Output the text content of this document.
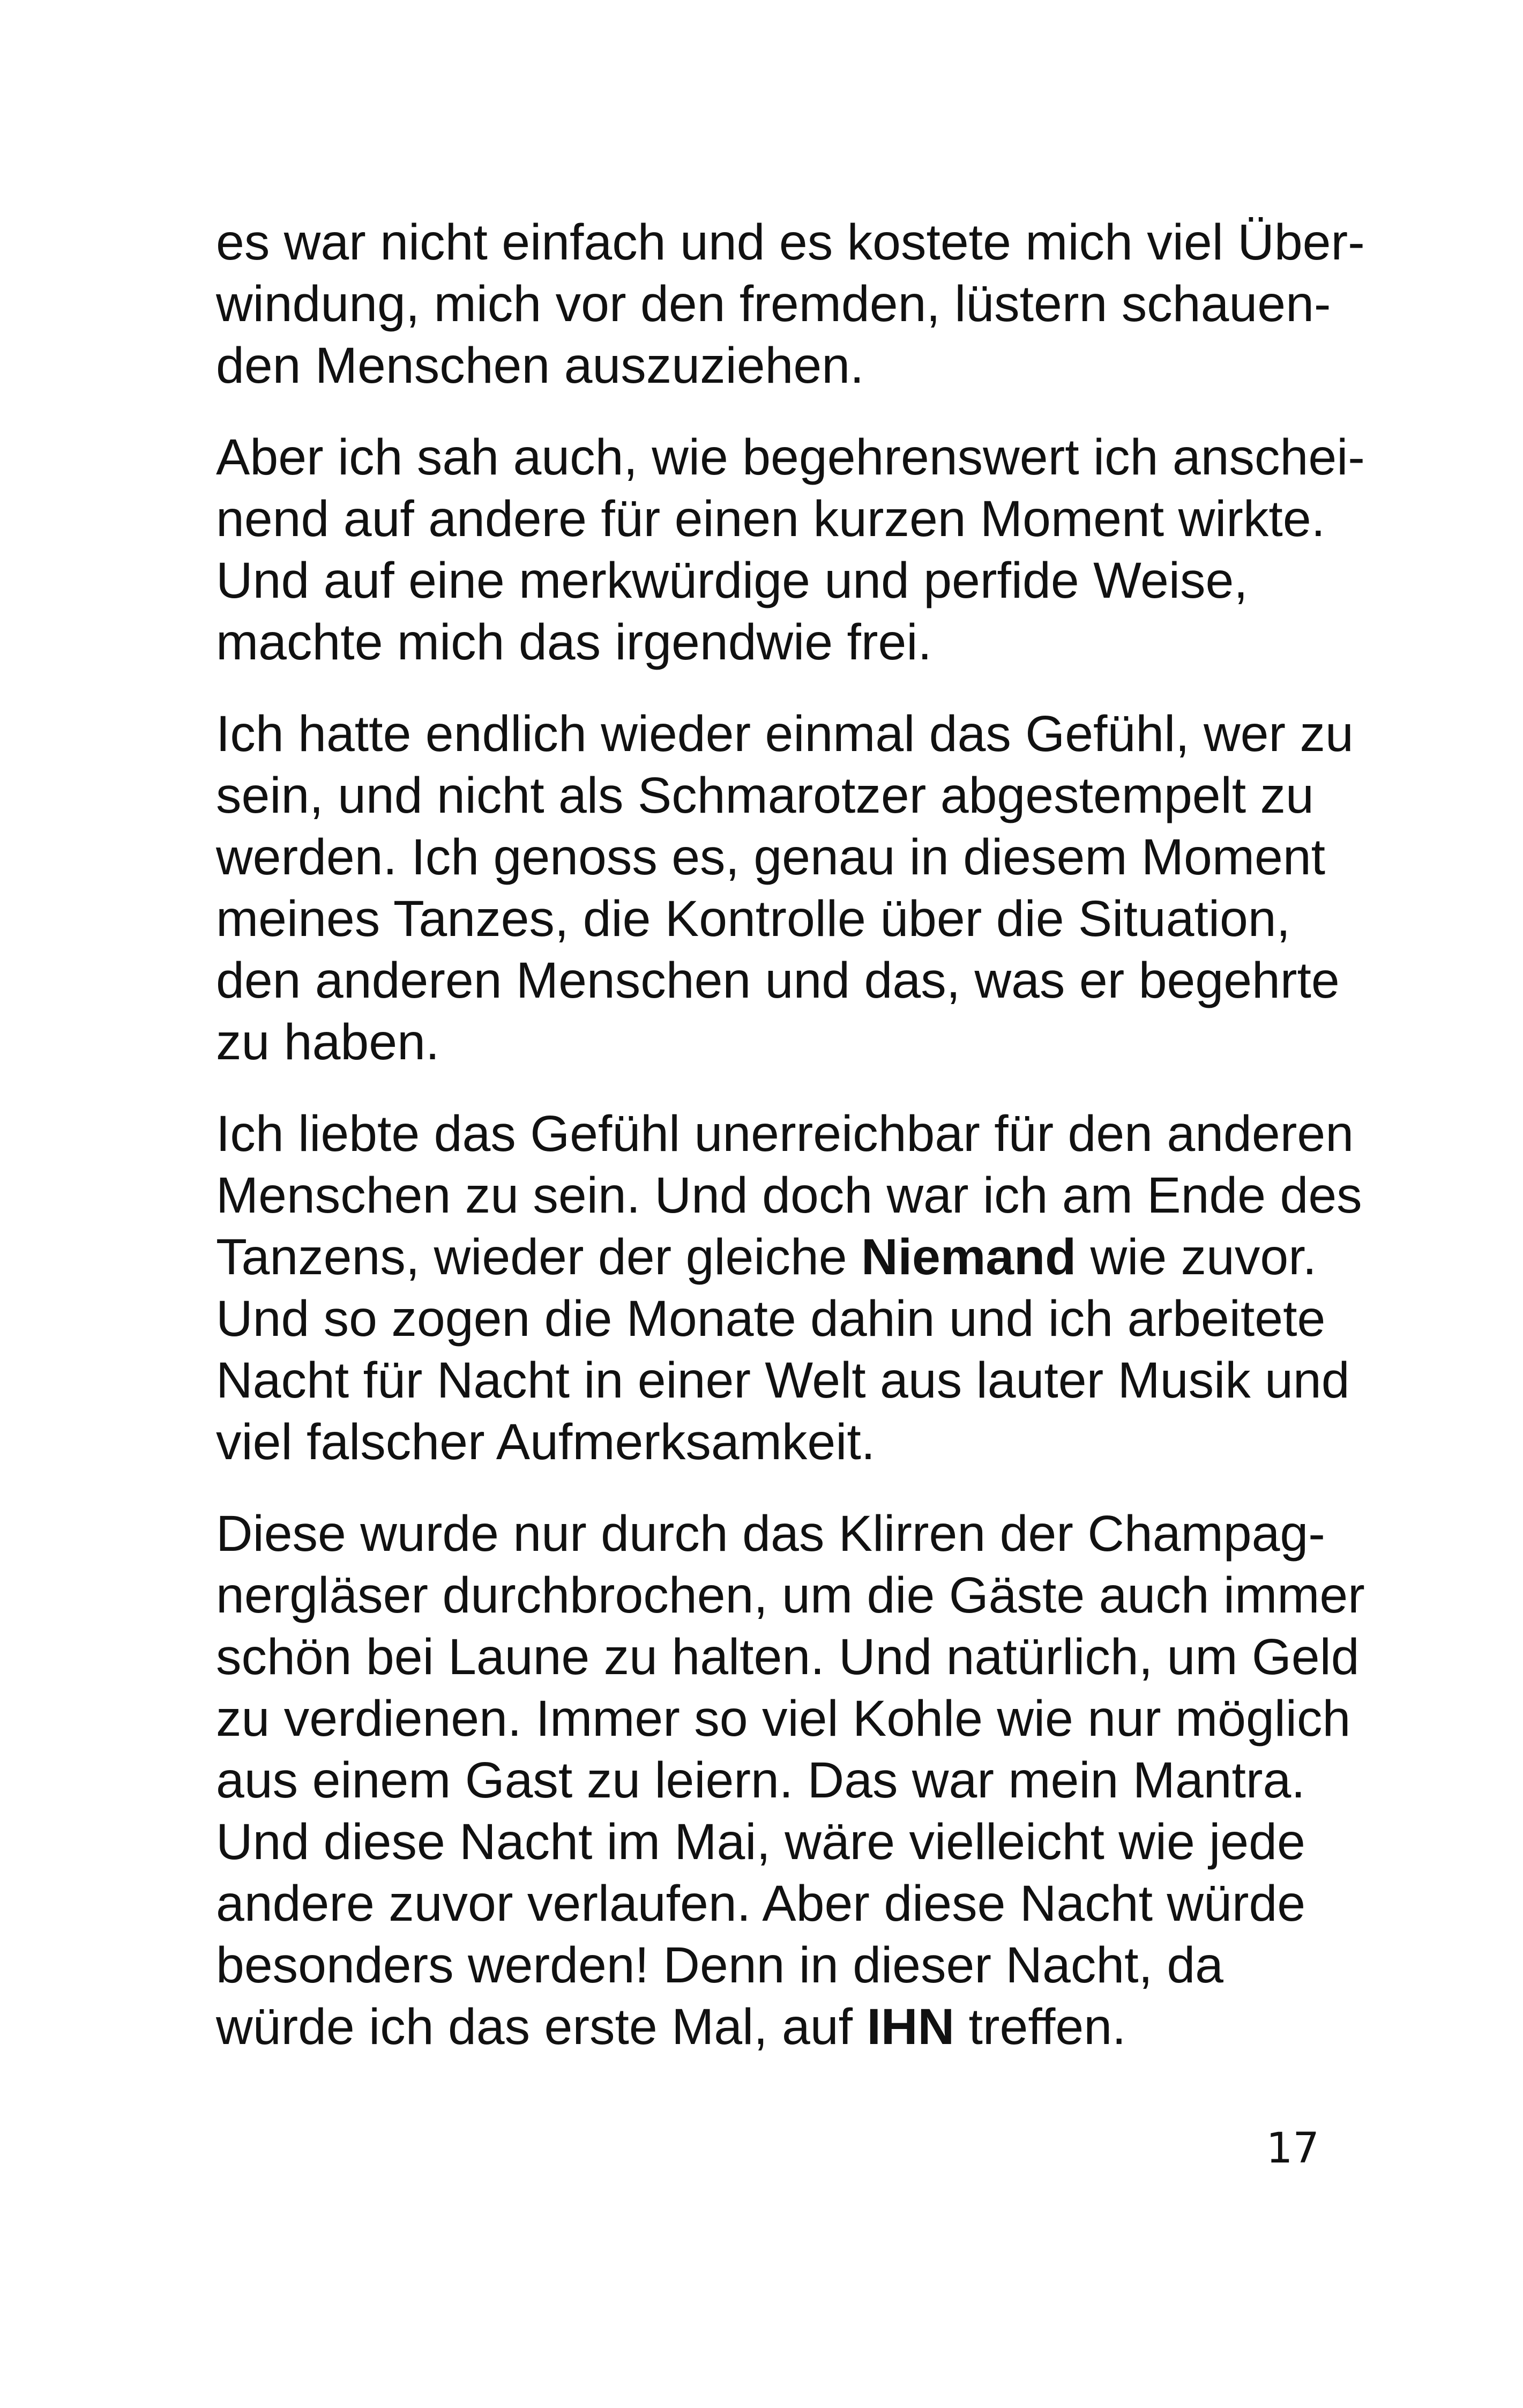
es war nicht einfach und es kostete mich viel Über-
windung, mich vor den fremden, lüstern schauen-
den Menschen auszuziehen.
Aber ich sah auch, wie begehrenswert ich anschei-
nend auf andere für einen kurzen Moment wirkte.
Und auf eine merkwürdige und perfide Weise,
machte mich das irgendwie frei.
Ich hatte endlich wieder einmal das Gefühl, wer zu
sein, und nicht als Schmarotzer abgestempelt zu
werden. Ich genoss es, genau in diesem Moment
meines Tanzes, die Kontrolle über die Situation,
den anderen Menschen und das, was er begehrte
zu haben.
Ich liebte das Gefühl unerreichbar für den anderen
Menschen zu sein. Und doch war ich am Ende des
Tanzens, wieder der gleiche Niemand wie zuvor.
Und so zogen die Monate dahin und ich arbeitete
Nacht für Nacht in einer Welt aus lauter Musik und
viel falscher Aufmerksamkeit.
Diese wurde nur durch das Klirren der Champag-
nergläser durchbrochen, um die Gäste auch immer
schön bei Laune zu halten. Und natürlich, um Geld
zu verdienen. Immer so viel Kohle wie nur möglich
aus einem Gast zu leiern. Das war mein Mantra.
Und diese Nacht im Mai, wäre vielleicht wie jede
andere zuvor verlaufen. Aber diese Nacht würde
besonders werden! Denn in dieser Nacht, da
würde ich das erste Mal, auf IHN treffen.
17
